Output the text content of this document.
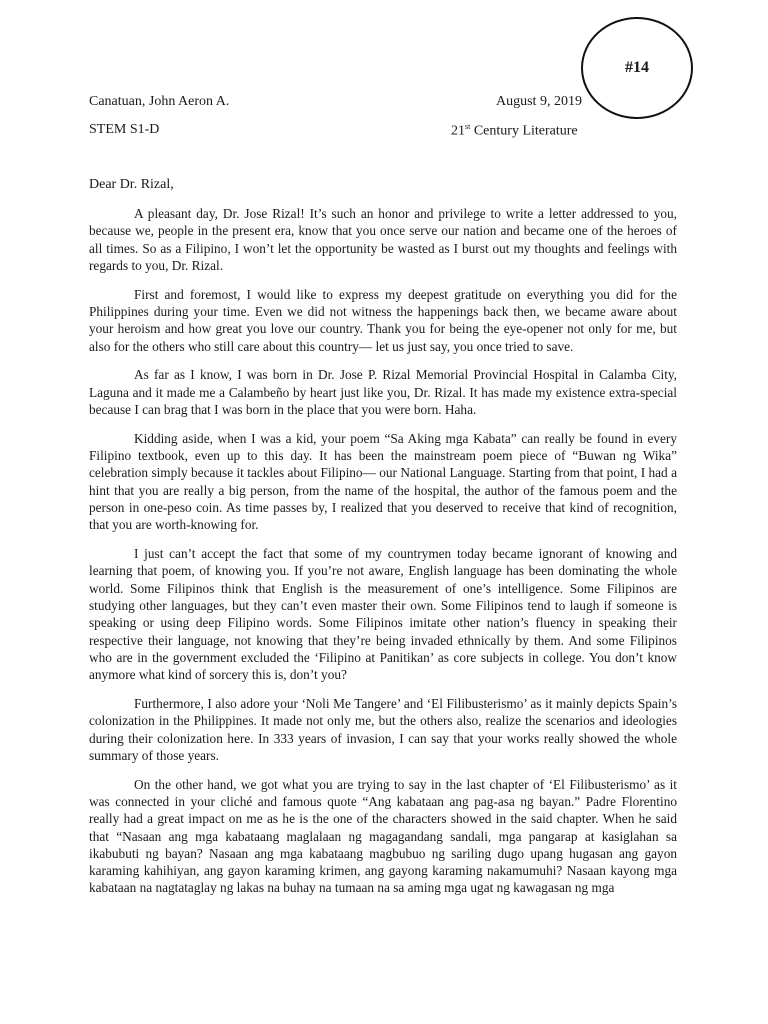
#14
Canatuan, John Aeron A.	August 9, 2019
STEM S1-D	21st Century Literature
Dear Dr. Rizal,

A pleasant day, Dr. Jose Rizal! It’s such an honor and privilege to write a letter addressed to you, because we, people in the present era, know that you once serve our nation and became one of the heroes of all times. So as a Filipino, I won’t let the opportunity be wasted as I burst out my thoughts and feelings with regards to you, Dr. Rizal.

First and foremost, I would like to express my deepest gratitude on everything you did for the Philippines during your time. Even we did not witness the happenings back then, we became aware about your heroism and how great you love our country. Thank you for being the eye-opener not only for me, but also for the others who still care about this country— let us just say, you once tried to save.

As far as I know, I was born in Dr. Jose P. Rizal Memorial Provincial Hospital in Calamba City, Laguna and it made me a Calambeño by heart just like you, Dr. Rizal. It has made my existence extra-special because I can brag that I was born in the place that you were born. Haha.

Kidding aside, when I was a kid, your poem “Sa Aking mga Kabata” can really be found in every Filipino textbook, even up to this day. It has been the mainstream poem piece of “Buwan ng Wika” celebration simply because it tackles about Filipino— our National Language. Starting from that point, I had a hint that you are really a big person, from the name of the hospital, the author of the famous poem and the person in one-peso coin. As time passes by, I realized that you deserved to receive that kind of recognition, that you are worth-knowing for.

I just can’t accept the fact that some of my countrymen today became ignorant of knowing and learning that poem, of knowing you. If you’re not aware, English language has been dominating the whole world. Some Filipinos think that English is the measurement of one’s intelligence. Some Filipinos are studying other languages, but they can’t even master their own. Some Filipinos tend to laugh if someone is speaking or using deep Filipino words. Some Filipinos imitate other nation’s fluency in speaking their respective their language, not knowing that they’re being invaded ethnically by them. And some Filipinos who are in the government excluded the ‘Filipino at Panitikan’ as core subjects in college. You don’t know anymore what kind of sorcery this is, don’t you?

Furthermore, I also adore your ‘Noli Me Tangere’ and ‘El Filibusterismo’ as it mainly depicts Spain’s colonization in the Philippines. It made not only me, but the others also, realize the scenarios and ideologies during their colonization here. In 333 years of invasion, I can say that your works really showed the whole summary of those years.

On the other hand, we got what you are trying to say in the last chapter of ‘El Filibusterismo’ as it was connected in your cliché and famous quote “Ang kabataan ang pag-asa ng bayan.” Padre Florentino really had a great impact on me as he is the one of the characters showed in the said chapter. When he said that “Nasaan ang mga kabataang maglalaan ng magagandang sandali, mga pangarap at kasiglahan sa ikabubuti ng bayan? Nasaan ang mga kabataang magbubuo ng sariling dugo upang hugasan ang gayon karaming kahihiyan, ang gayon karaming krimen, ang gayong karaming nakamumuhi? Nasaan kayong mga kabataan na nagtataglay ng lakas na buhay na tumaan na sa aming mga ugat ng kawagasan ng mga
